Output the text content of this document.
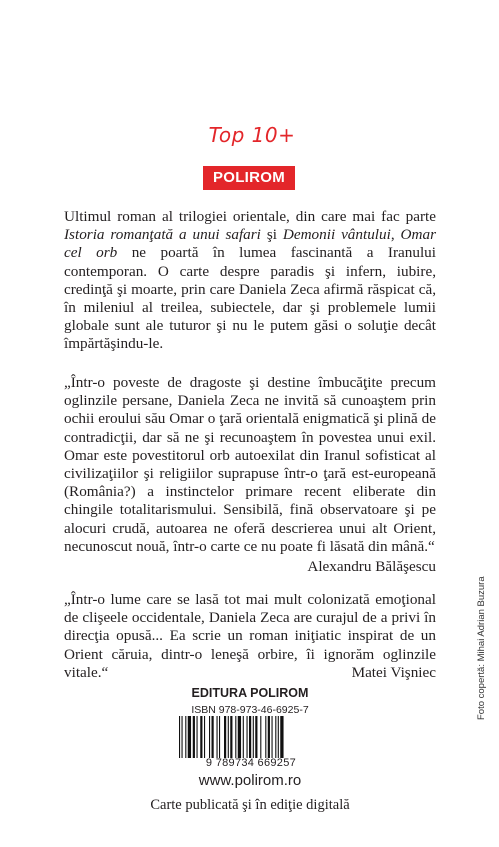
Top 10+
POLIROM

Ultimul roman al trilogiei orientale, din care mai fac parte Istoria romanţată a unui safari şi Demonii vântului, Omar cel orb ne poartă în lumea fascinantă a Iranului contemporan. O carte despre paradis şi infern, iubire, credinţă şi moarte, prin care Daniela Zeca afirmă răspicat că, în mileniul al treilea, subiectele, dar şi problemele lumii globale sunt ale tuturor şi nu le putem găsi o soluţie decât împărtăşindu-le.

„Într-o poveste de dragoste şi destine îmbucăţite precum oglinzile persane, Daniela Zeca ne invită să cunoaştem prin ochii eroului său Omar o ţară orientală enigmatică şi plină de contradicţii, dar să ne şi recunoaştem în povestea unui exil. Omar este povestitorul orb autoexilat din Iranul sofisticat al civilizaţiilor şi religiilor suprapuse într-o ţară est-europeană (România?) a instinctelor primare recent eliberate din chingile totalitarismului. Sensibilă, fină observatoare şi pe alocuri crudă, autoarea ne oferă descrierea unui alt Orient, necunoscut nouă, într-o carte ce nu poate fi lăsată din mână.“

Alexandru Bălăşescu

„Într-o lume care se lasă tot mai mult colonizată emoţional de clişeele occidentale, Daniela Zeca are curajul de a privi în direcţia opusă... Ea scrie un roman iniţiatic inspirat de un Orient căruia, dintr-o leneşă orbire, îi ignorăm oglinzile vitale.“	Matei Vişniec	Foto copertă: Mihai Adrian Buzura
EDITURA POLIROM
ISBN 978-973-46-6925-7
9 789734 669257
www.polirom.ro
Carte publicată şi în ediţie digitală
